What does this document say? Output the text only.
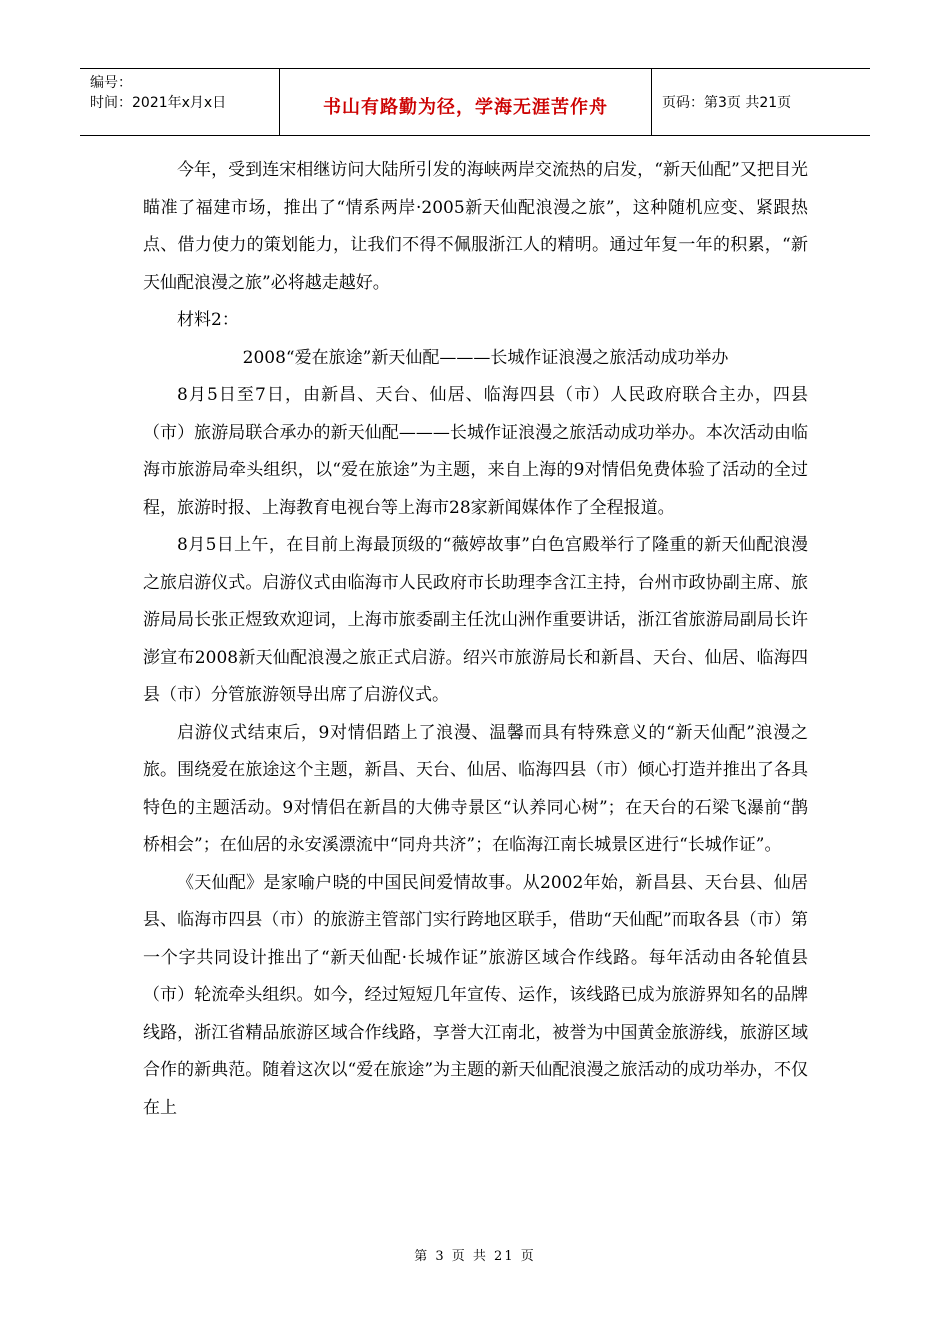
编号：
时间：2021年x月x日	书山有路勤为径，学海无涯苦作舟	页码：第3页 共21页

今年，受到连宋相继访问大陆所引发的海峡两岸交流热的启发，“新天仙配”又把目光瞄准了福建市场，推出了“情系两岸·2005新天仙配浪漫之旅”，这种随机应变、紧跟热点、借力使力的策划能力，让我们不得不佩服浙江人的精明。通过年复一年的积累，“新天仙配浪漫之旅”必将越走越好。

材料2：

2008“爱在旅途”新天仙配———长城作证浪漫之旅活动成功举办

8月5日至7日，由新昌、天台、仙居、临海四县（市）人民政府联合主办，四县（市）旅游局联合承办的新天仙配———长城作证浪漫之旅活动成功举办。本次活动由临海市旅游局牵头组织，以“爱在旅途”为主题，来自上海的9对情侣免费体验了活动的全过程，旅游时报、上海教育电视台等上海市28家新闻媒体作了全程报道。

8月5日上午，在目前上海最顶级的“薇婷故事”白色宫殿举行了隆重的新天仙配浪漫之旅启游仪式。启游仪式由临海市人民政府市长助理李含江主持，台州市政协副主席、旅游局局长张正煜致欢迎词，上海市旅委副主任沈山洲作重要讲话，浙江省旅游局副局长许澎宣布2008新天仙配浪漫之旅正式启游。绍兴市旅游局长和新昌、天台、仙居、临海四县（市）分管旅游领导出席了启游仪式。

启游仪式结束后，9对情侣踏上了浪漫、温馨而具有特殊意义的“新天仙配”浪漫之旅。围绕爱在旅途这个主题，新昌、天台、仙居、临海四县（市）倾心打造并推出了各具特色的主题活动。9对情侣在新昌的大佛寺景区“认养同心树”；在天台的石梁飞瀑前“鹊桥相会”；在仙居的永安溪漂流中“同舟共济”；在临海江南长城景区进行“长城作证”。

《天仙配》是家喻户晓的中国民间爱情故事。从2002年始，新昌县、天台县、仙居县、临海市四县（市）的旅游主管部门实行跨地区联手，借助“天仙配”而取各县（市）第一个字共同设计推出了“新天仙配·长城作证”旅游区域合作线路。每年活动由各轮值县（市）轮流牵头组织。如今，经过短短几年宣传、运作，该线路已成为旅游界知名的品牌线路，浙江省精品旅游区域合作线路，享誉大江南北，被誉为中国黄金旅游线，旅游区域合作的新典范。随着这次以“爱在旅途”为主题的新天仙配浪漫之旅活动的成功举办，不仅在上

第 3 页 共 21 页
